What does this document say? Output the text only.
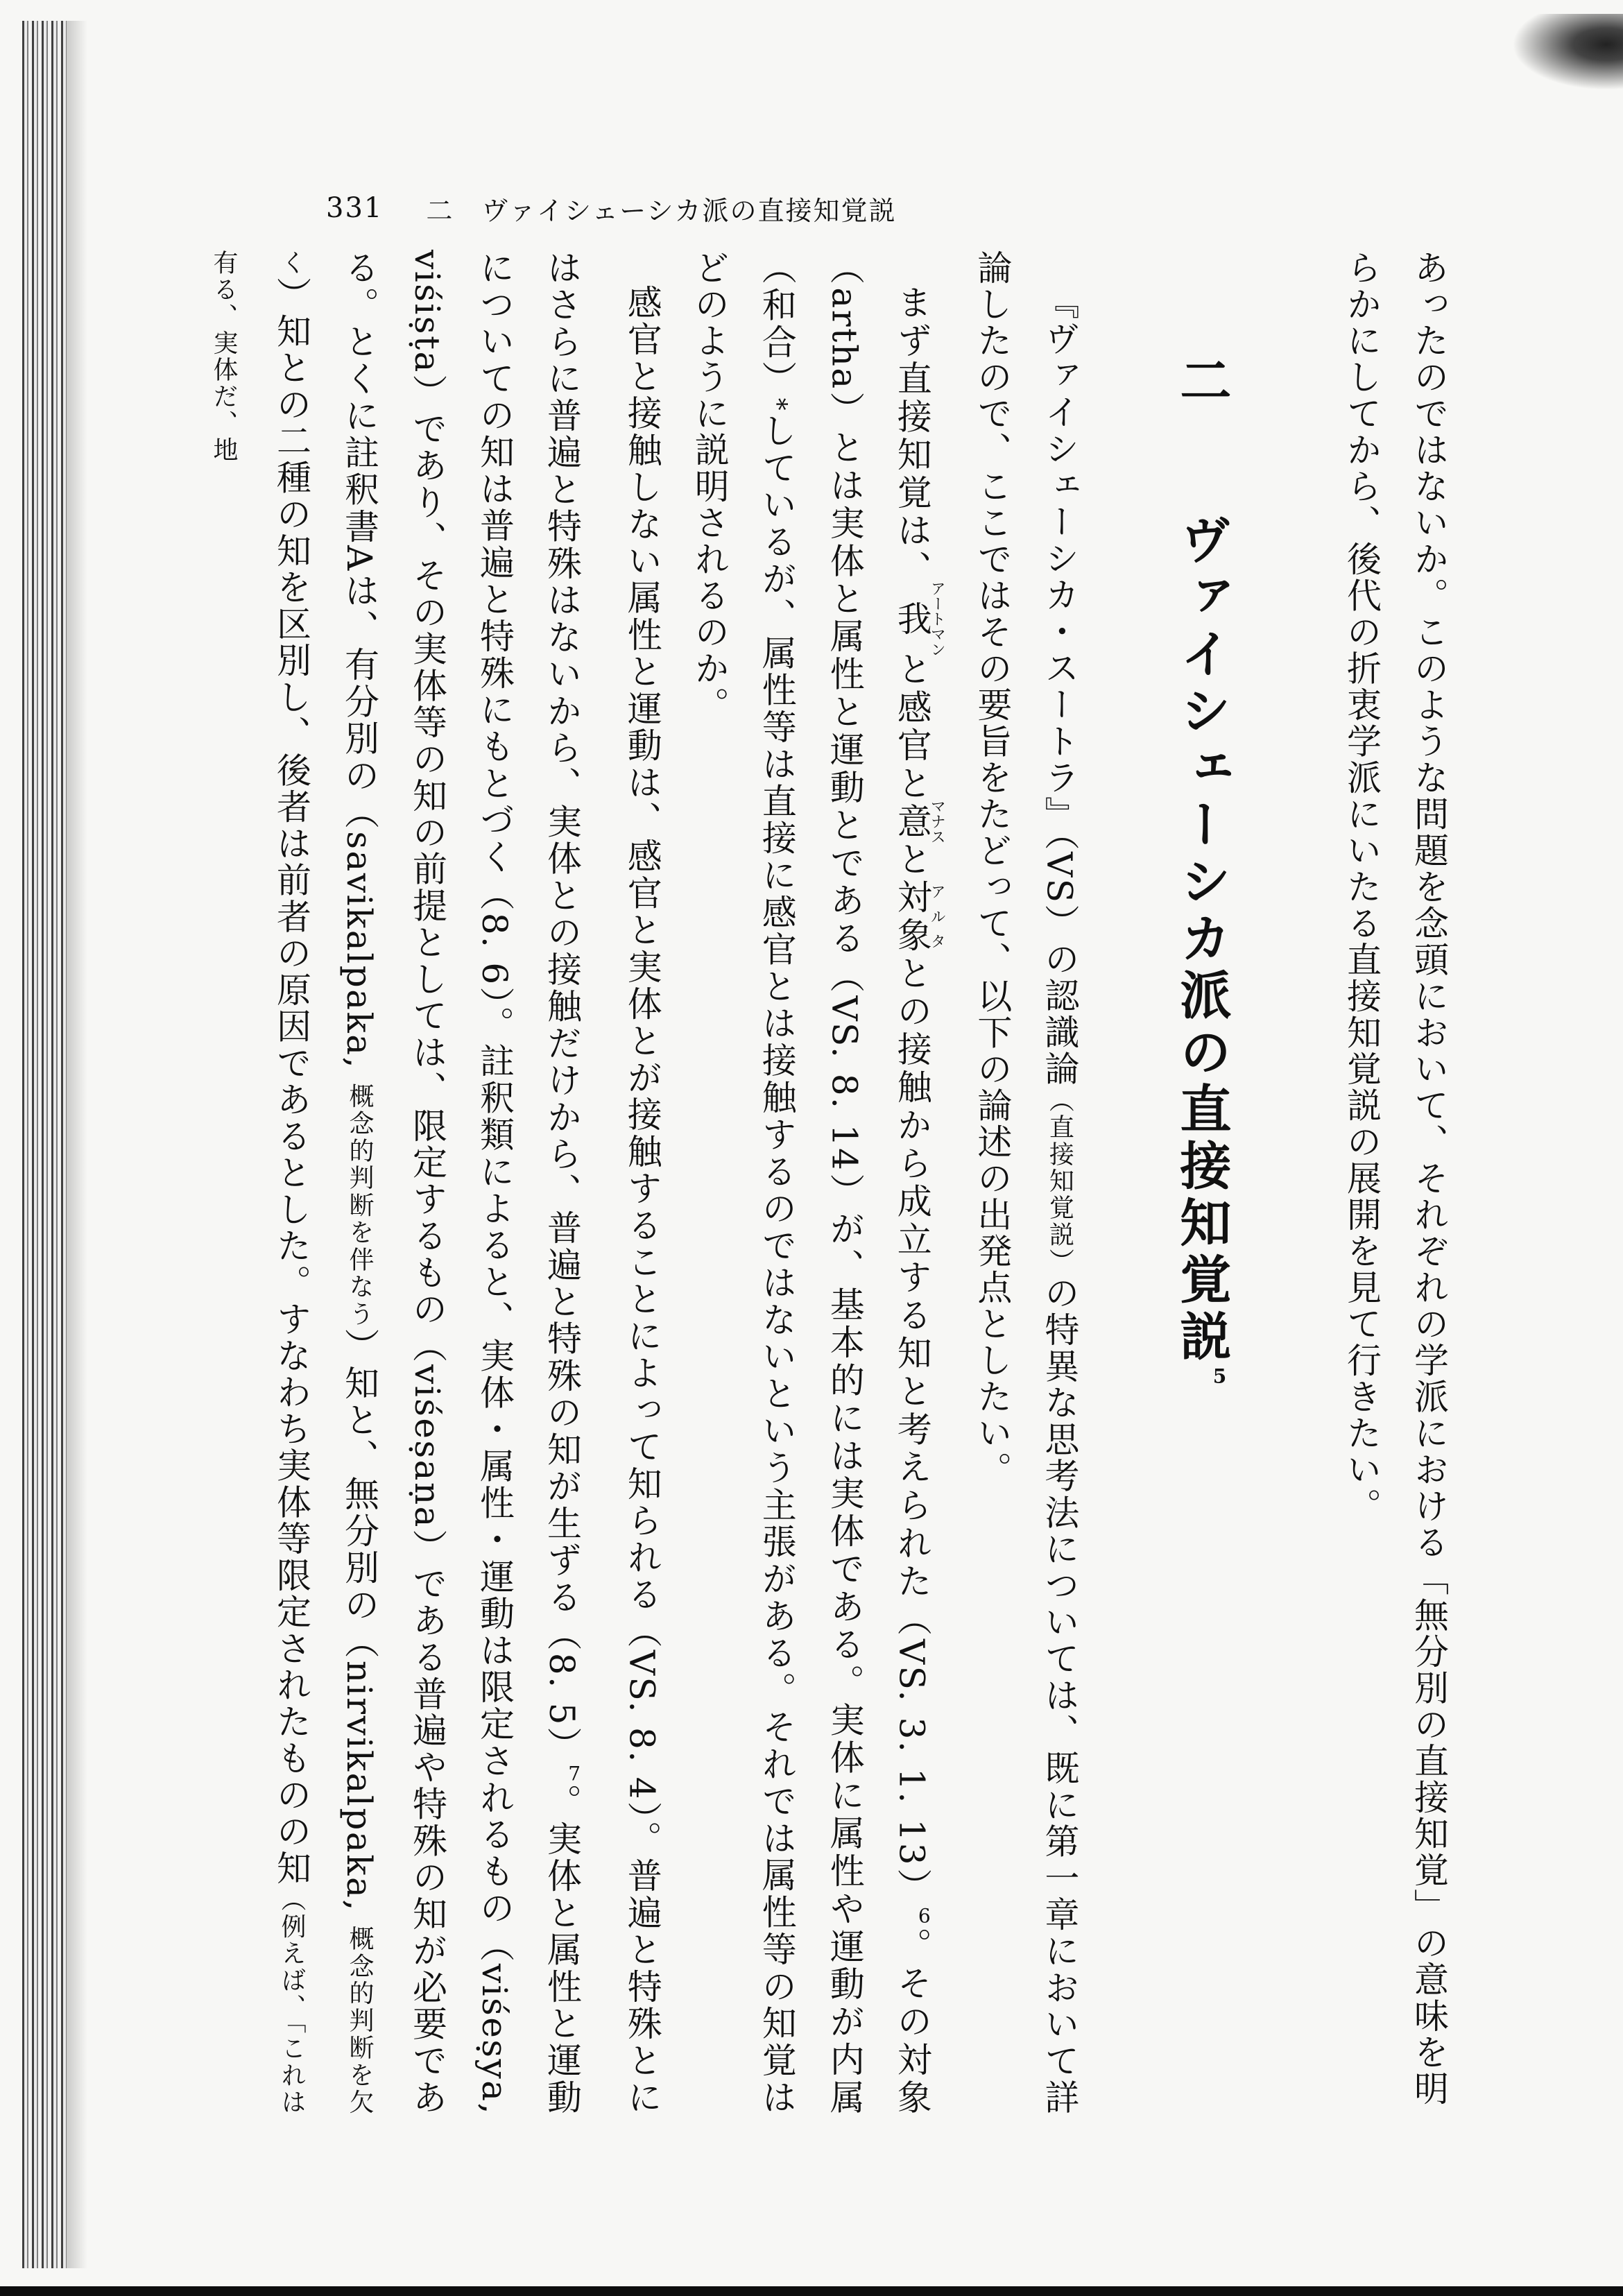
331 二　ヴァイシェーシカ派の直接知覚説

あったのではないか。このような問題を念頭において、それぞれの学派における「無分別の直接知覚」の意味を明

らかにしてから、後代の折衷学派にいたる直接知覚説の展開を見て行きたい。

二ヴァイシェーシカ派の直接知覚説$^5$

『ヴァイシェーシカ・スートラ』（VS）の認識論（直接知覚説）の特異な思考法については、既に第一章において詳論したので、ここではその要旨をたどって、以下の論述の出発点としたい。

まず直接知覚は、我アートマンと感官と意マナスと対象アルタとの接触から成立する知と考えられた（VS. 3. 1. 13）$^6$。その対象（artha）とは実体と属性と運動とである（VS. 8. 14）が、基本的には実体である。実体に属性や運動が内属（和合）*しているが、属性等は直接に感官とは接触するのではないという主張がある。それでは属性等の知覚はどのように説明されるのか。

感官と接触しない属性と運動は、感官と実体とが接触することによって知られる（VS. 8. 4）。普遍と特殊とにはさらに普遍と特殊はないから、実体との接触だけから、普遍と特殊の知が生ずる（8. 5）$^7$。実体と属性と運動についての知は普遍と特殊にもとづく（8. 6）。註釈類によると、実体・属性・運動は限定されるもの（viśeṣya, viśiṣṭa）であり、その実体等の知の前提としては、限定するもの（viśeṣaṇa）である普遍や特殊の知が必要である。とくに註釈書Aは、有分別の（savikalpaka, 概念的判断を伴なう）知と、無分別の（nirvikalpaka, 概念的判断を欠く）知との二種の知を区別し、後者は前者の原因であるとした。すなわち実体等限定されたものの知（例えば、「これは有る、実体だ、地
